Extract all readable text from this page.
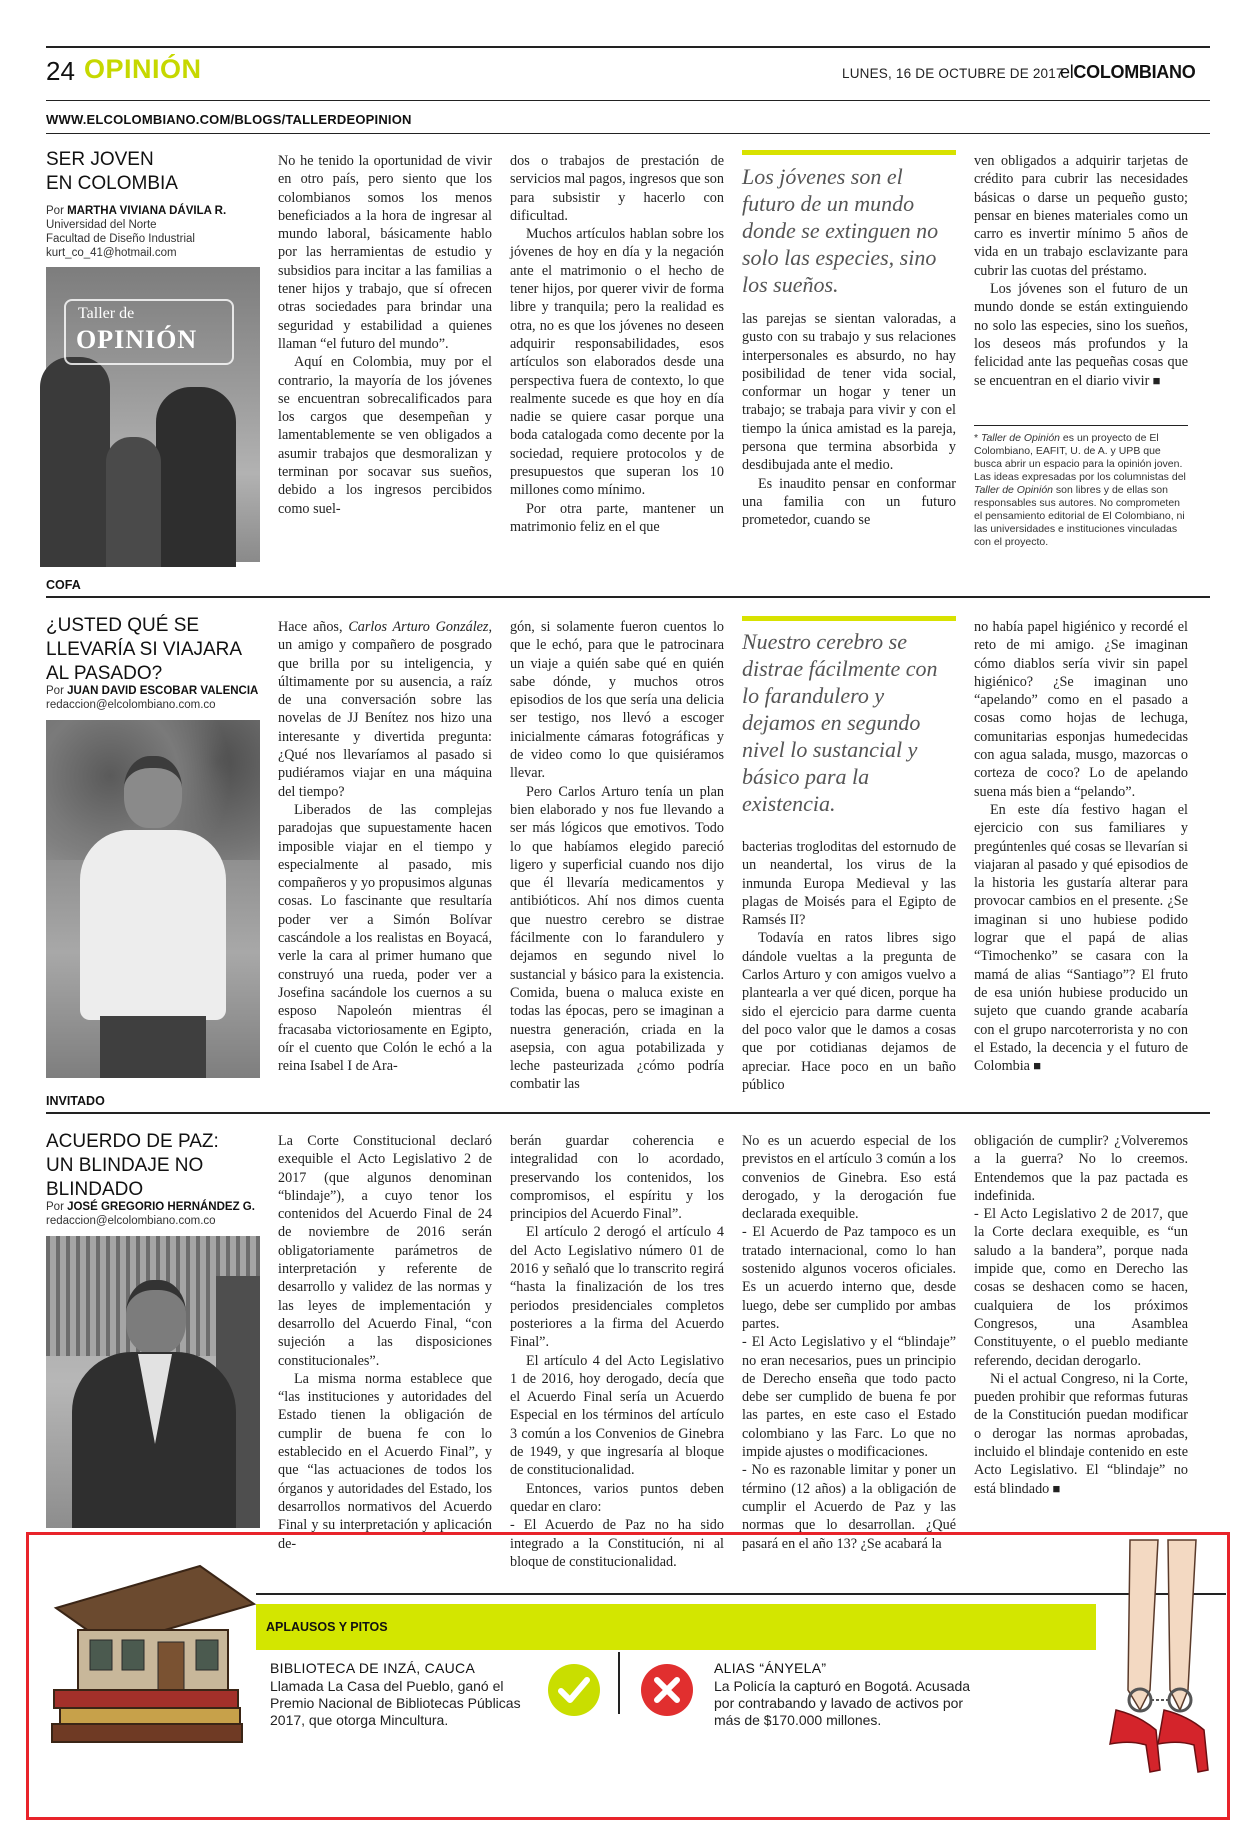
24 OPINIÓN	LUNES, 16 DE OCTUBRE DE 2017
elCOLOMBIANO
WWW.ELCOLOMBIANO.COM/BLOGS/TALLERDEOPINION
SER JOVEN
EN COLOMBIA
Por MARTHA VIVIANA DÁVILA R.
Universidad del Norte
Facultad de Diseño Industrial
kurt_co_41@hotmail.com
Taller de
OPINIÓN
COFA

No he tenido la oportunidad de vivir en otro país, pero siento que los colombianos somos los menos beneficiados a la hora de ingresar al mundo laboral, básicamente hablo por las herramientas de estudio y subsidios para incitar a las familias a tener hijos y trabajo, que sí ofrecen otras sociedades para brindar una seguridad y estabilidad a quienes llaman “el futuro del mundo”.

Aquí en Colombia, muy por el contrario, la mayoría de los jóvenes se encuentran sobrecalificados para los cargos que desempeñan y lamentablemente se ven obligados a asumir trabajos que desmoralizan y terminan por socavar sus sueños, debido a los ingresos percibidos como suel-

dos o trabajos de prestación de servicios mal pagos, ingresos que son para subsistir y hacerlo con dificultad.

Muchos artículos hablan sobre los jóvenes de hoy en día y la negación ante el matrimonio o el hecho de tener hijos, por querer vivir de forma libre y tranquila; pero la realidad es otra, no es que los jóvenes no deseen adquirir responsabilidades, esos artículos son elaborados desde una perspectiva fuera de contexto, lo que realmente sucede es que hoy en día nadie se quiere casar porque una boda catalogada como decente por la sociedad, requiere protocolos y de presupuestos que superan los 10 millones como mínimo.

Por otra parte, mantener un matrimonio feliz en el que

Los jóvenes son el futuro de un mundo donde se extinguen no solo las especies, sino los sueños.

las parejas se sientan valoradas, a gusto con su trabajo y sus relaciones interpersonales es absurdo, no hay posibilidad de tener vida social, conformar un hogar y tener un trabajo; se trabaja para vivir y con el tiempo la única amistad es la pareja, persona que termina absorbida y desdibujada ante el medio.

Es inaudito pensar en conformar una familia con un futuro prometedor, cuando se

ven obligados a adquirir tarjetas de crédito para cubrir las necesidades básicas o darse un pequeño gusto; pensar en bienes materiales como un carro es invertir mínimo 5 años de vida en un trabajo esclavizante para cubrir las cuotas del préstamo.

Los jóvenes son el futuro de un mundo donde se están extinguiendo no solo las especies, sino los sueños, los deseos más profundos y la felicidad ante las pequeñas cosas que se encuentran en el diario vivir ■

* Taller de Opinión es un proyecto de El Colombiano, EAFIT, U. de A. y UPB que busca abrir un espacio para la opinión joven. Las ideas expresadas por los columnistas del Taller de Opinión son libres y de ellas son responsables sus autores. No comprometen el pensamiento editorial de El Colombiano, ni las universidades e instituciones vinculadas con el proyecto.
¿USTED QUÉ SE
LLEVARÍA SI VIAJARA
AL PASADO?
Por JUAN DAVID ESCOBAR VALENCIA
redaccion@elcolombiano.com.co
INVITADO

Hace años, Carlos Arturo González, un amigo y compañero de posgrado que brilla por su inteligencia, y últimamente por su ausencia, a raíz de una conversación sobre las novelas de JJ Benítez nos hizo una interesante y divertida pregunta: ¿Qué nos llevaríamos al pasado si pudiéramos viajar en una máquina del tiempo?

Liberados de las complejas paradojas que supuestamente hacen imposible viajar en el tiempo y especialmente al pasado, mis compañeros y yo propusimos algunas cosas. Lo fascinante que resultaría poder ver a Simón Bolívar cascándole a los realistas en Boyacá, verle la cara al primer humano que construyó una rueda, poder ver a Josefina sacándole los cuernos a su esposo Napoleón mientras él fracasaba victoriosamente en Egipto, oír el cuento que Colón le echó a la reina Isabel I de Ara-

gón, si solamente fueron cuentos lo que le echó, para que le patrocinara un viaje a quién sabe qué en quién sabe dónde, y muchos otros episodios de los que sería una delicia ser testigo, nos llevó a escoger inicialmente cámaras fotográficas y de video como lo que quisiéramos llevar.

Pero Carlos Arturo tenía un plan bien elaborado y nos fue llevando a ser más lógicos que emotivos. Todo lo que habíamos elegido pareció ligero y superficial cuando nos dijo que él llevaría medicamentos y antibióticos. Ahí nos dimos cuenta que nuestro cerebro se distrae fácilmente con lo farandulero y dejamos en segundo nivel lo sustancial y básico para la existencia. Comida, buena o maluca existe en todas las épocas, pero se imaginan a nuestra generación, criada en la asepsia, con agua potabilizada y leche pasteurizada ¿cómo podría combatir las

Nuestro cerebro se distrae fácilmente con lo farandulero y dejamos en segundo nivel lo sustancial y básico para la existencia.

bacterias trogloditas del estornudo de un neandertal, los virus de la inmunda Europa Medieval y las plagas de Moisés para el Egipto de Ramsés II?

Todavía en ratos libres sigo dándole vueltas a la pregunta de Carlos Arturo y con amigos vuelvo a plantearla a ver qué dicen, porque ha sido el ejercicio para darme cuenta del poco valor que le damos a cosas que por cotidianas dejamos de apreciar. Hace poco en un baño público

no había papel higiénico y recordé el reto de mi amigo. ¿Se imaginan cómo diablos sería vivir sin papel higiénico? ¿Se imaginan uno “apelando” como en el pasado a cosas como hojas de lechuga, comunitarias esponjas humedecidas con agua salada, musgo, mazorcas o corteza de coco? Lo de apelando suena más bien a “pelando”.

En este día festivo hagan el ejercicio con sus familiares y pregúntenles qué cosas se llevarían si viajaran al pasado y qué episodios de la historia les gustaría alterar para provocar cambios en el presente. ¿Se imaginan si uno hubiese podido lograr que el papá de alias “Timochenko” se casara con la mamá de alias “Santiago”? El fruto de esa unión hubiese producido un sujeto que cuando grande acabaría con el grupo narcoterrorista y no con el Estado, la decencia y el futuro de Colombia ■

ACUERDO DE PAZ:
UN BLINDAJE NO
BLINDADO
Por JOSÉ GREGORIO HERNÁNDEZ G.
redaccion@elcolombiano.com.co

La Corte Constitucional declaró exequible el Acto Legislativo 2 de 2017 (que algunos denominan “blindaje”), a cuyo tenor los contenidos del Acuerdo Final de 24 de noviembre de 2016 serán obligatoriamente parámetros de interpretación y referente de desarrollo y validez de las normas y las leyes de implementación y desarrollo del Acuerdo Final, “con sujeción a las disposiciones constitucionales”.

La misma norma establece que “las instituciones y autoridades del Estado tienen la obligación de cumplir de buena fe con lo establecido en el Acuerdo Final”, y que “las actuaciones de todos los órganos y autoridades del Estado, los desarrollos normativos del Acuerdo Final y su interpretación y aplicación de-

berán guardar coherencia e integralidad con lo acordado, preservando los contenidos, los compromisos, el espíritu y los principios del Acuerdo Final”.

El artículo 2 derogó el artículo 4 del Acto Legislativo número 01 de 2016 y señaló que lo transcrito regirá “hasta la finalización de los tres periodos presidenciales completos posteriores a la firma del Acuerdo Final”.

El artículo 4 del Acto Legislativo 1 de 2016, hoy derogado, decía que el Acuerdo Final sería un Acuerdo Especial en los términos del artículo 3 común a los Convenios de Ginebra de 1949, y que ingresaría al bloque de constitucionalidad.

Entonces, varios puntos deben quedar en claro:

- El Acuerdo de Paz no ha sido integrado a la Constitución, ni al bloque de constitucionalidad.

No es un acuerdo especial de los previstos en el artículo 3 común a los convenios de Ginebra. Eso está derogado, y la derogación fue declarada exequible.

- El Acuerdo de Paz tampoco es un tratado internacional, como lo han sostenido algunos voceros oficiales. Es un acuerdo interno que, desde luego, debe ser cumplido por ambas partes.

- El Acto Legislativo y el “blindaje” no eran necesarios, pues un principio de Derecho enseña que todo pacto debe ser cumplido de buena fe por las partes, en este caso el Estado colombiano y las Farc. Lo que no impide ajustes o modificaciones.

- No es razonable limitar y poner un término (12 años) a la obligación de cumplir el Acuerdo de Paz y las normas que lo desarrollan. ¿Qué pasará en el año 13? ¿Se acabará la

obligación de cumplir? ¿Volveremos a la guerra? No lo creemos. Entendemos que la paz pactada es indefinida.

- El Acto Legislativo 2 de 2017, que la Corte declara exequible, es “un saludo a la bandera”, porque nada impide que, como en Derecho las cosas se deshacen como se hacen, cualquiera de los próximos Congresos, una Asamblea Constituyente, o el pueblo mediante referendo, decidan derogarlo.

Ni el actual Congreso, ni la Corte, pueden prohibir que reformas futuras de la Constitución puedan modificar o derogar las normas aprobadas, incluido el blindaje contenido en este Acto Legislativo. El “blindaje” no está blindado ■

APLAUSOS Y PITOS
BIBLIOTECA DE INZÁ, CAUCA
Llamada La Casa del Pueblo, ganó el Premio Nacional de Bibliotecas Públicas 2017, que otorga Mincultura.
ALIAS “ÁNYELA”
La Policía la capturó en Bogotá. Acusada por contrabando y lavado de activos por más de $170.000 millones.
